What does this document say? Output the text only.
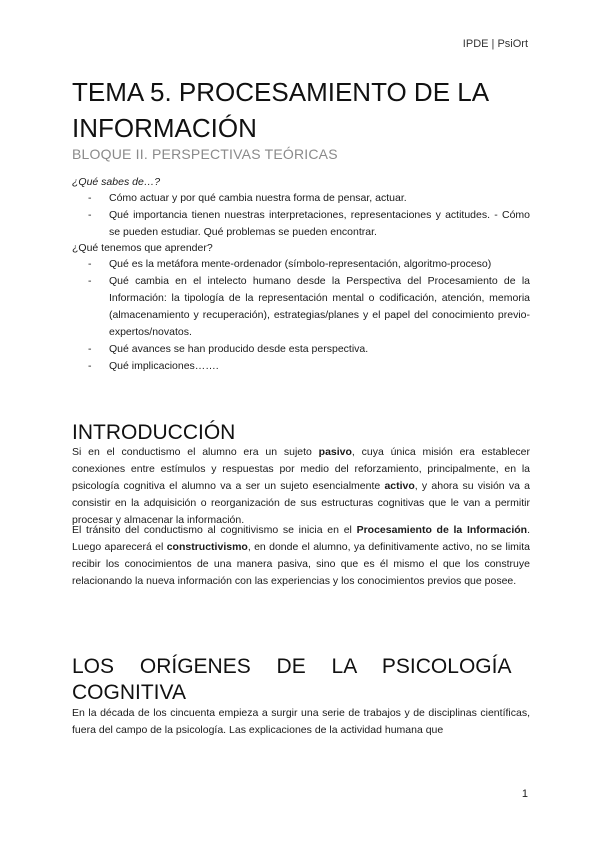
IPDE | PsiOrt
TEMA 5. PROCESAMIENTO DE LA
INFORMACIÓN
BLOQUE II. PERSPECTIVAS TEÓRICAS
¿Qué sabes de…?
- Cómo actuar y por qué cambia nuestra forma de pensar, actuar.
- Qué importancia tienen nuestras interpretaciones, representaciones y actitudes. - Cómo se pueden estudiar. Qué problemas se pueden encontrar.
¿Qué tenemos que aprender?
- Qué es la metáfora mente-ordenador (símbolo-representación, algoritmo-proceso)
- Qué cambia en el intelecto humano desde la Perspectiva del Procesamiento de la Información: la tipología de la representación mental o codificación, atención, memoria (almacenamiento y recuperación), estrategias/planes y el papel del conocimiento previo-expertos/novatos.
- Qué avances se han producido desde esta perspectiva.
- Qué implicaciones…….
INTRODUCCIÓN

Si en el conductismo el alumno era un sujeto pasivo, cuya única misión era establecer conexiones entre estímulos y respuestas por medio del reforzamiento, principalmente, en la psicología cognitiva el alumno va a ser un sujeto esencialmente activo, y ahora su visión va a consistir en la adquisición o reorganización de sus estructuras cognitivas que le van a permitir procesar y almacenar la información.

El tránsito del conductismo al cognitivismo se inicia en el Procesamiento de la Información. Luego aparecerá el constructivismo, en donde el alumno, ya definitivamente activo, no se limita recibir los conocimientos de una manera pasiva, sino que es él mismo el que los construye relacionando la nueva información con las experiencias y los conocimientos previos que posee.

LOS ORÍGENES DE LA PSICOLOGÍA
COGNITIVA

En la década de los cincuenta empieza a surgir una serie de trabajos y de disciplinas científicas, fuera del campo de la psicología. Las explicaciones de la actividad humana que

1
